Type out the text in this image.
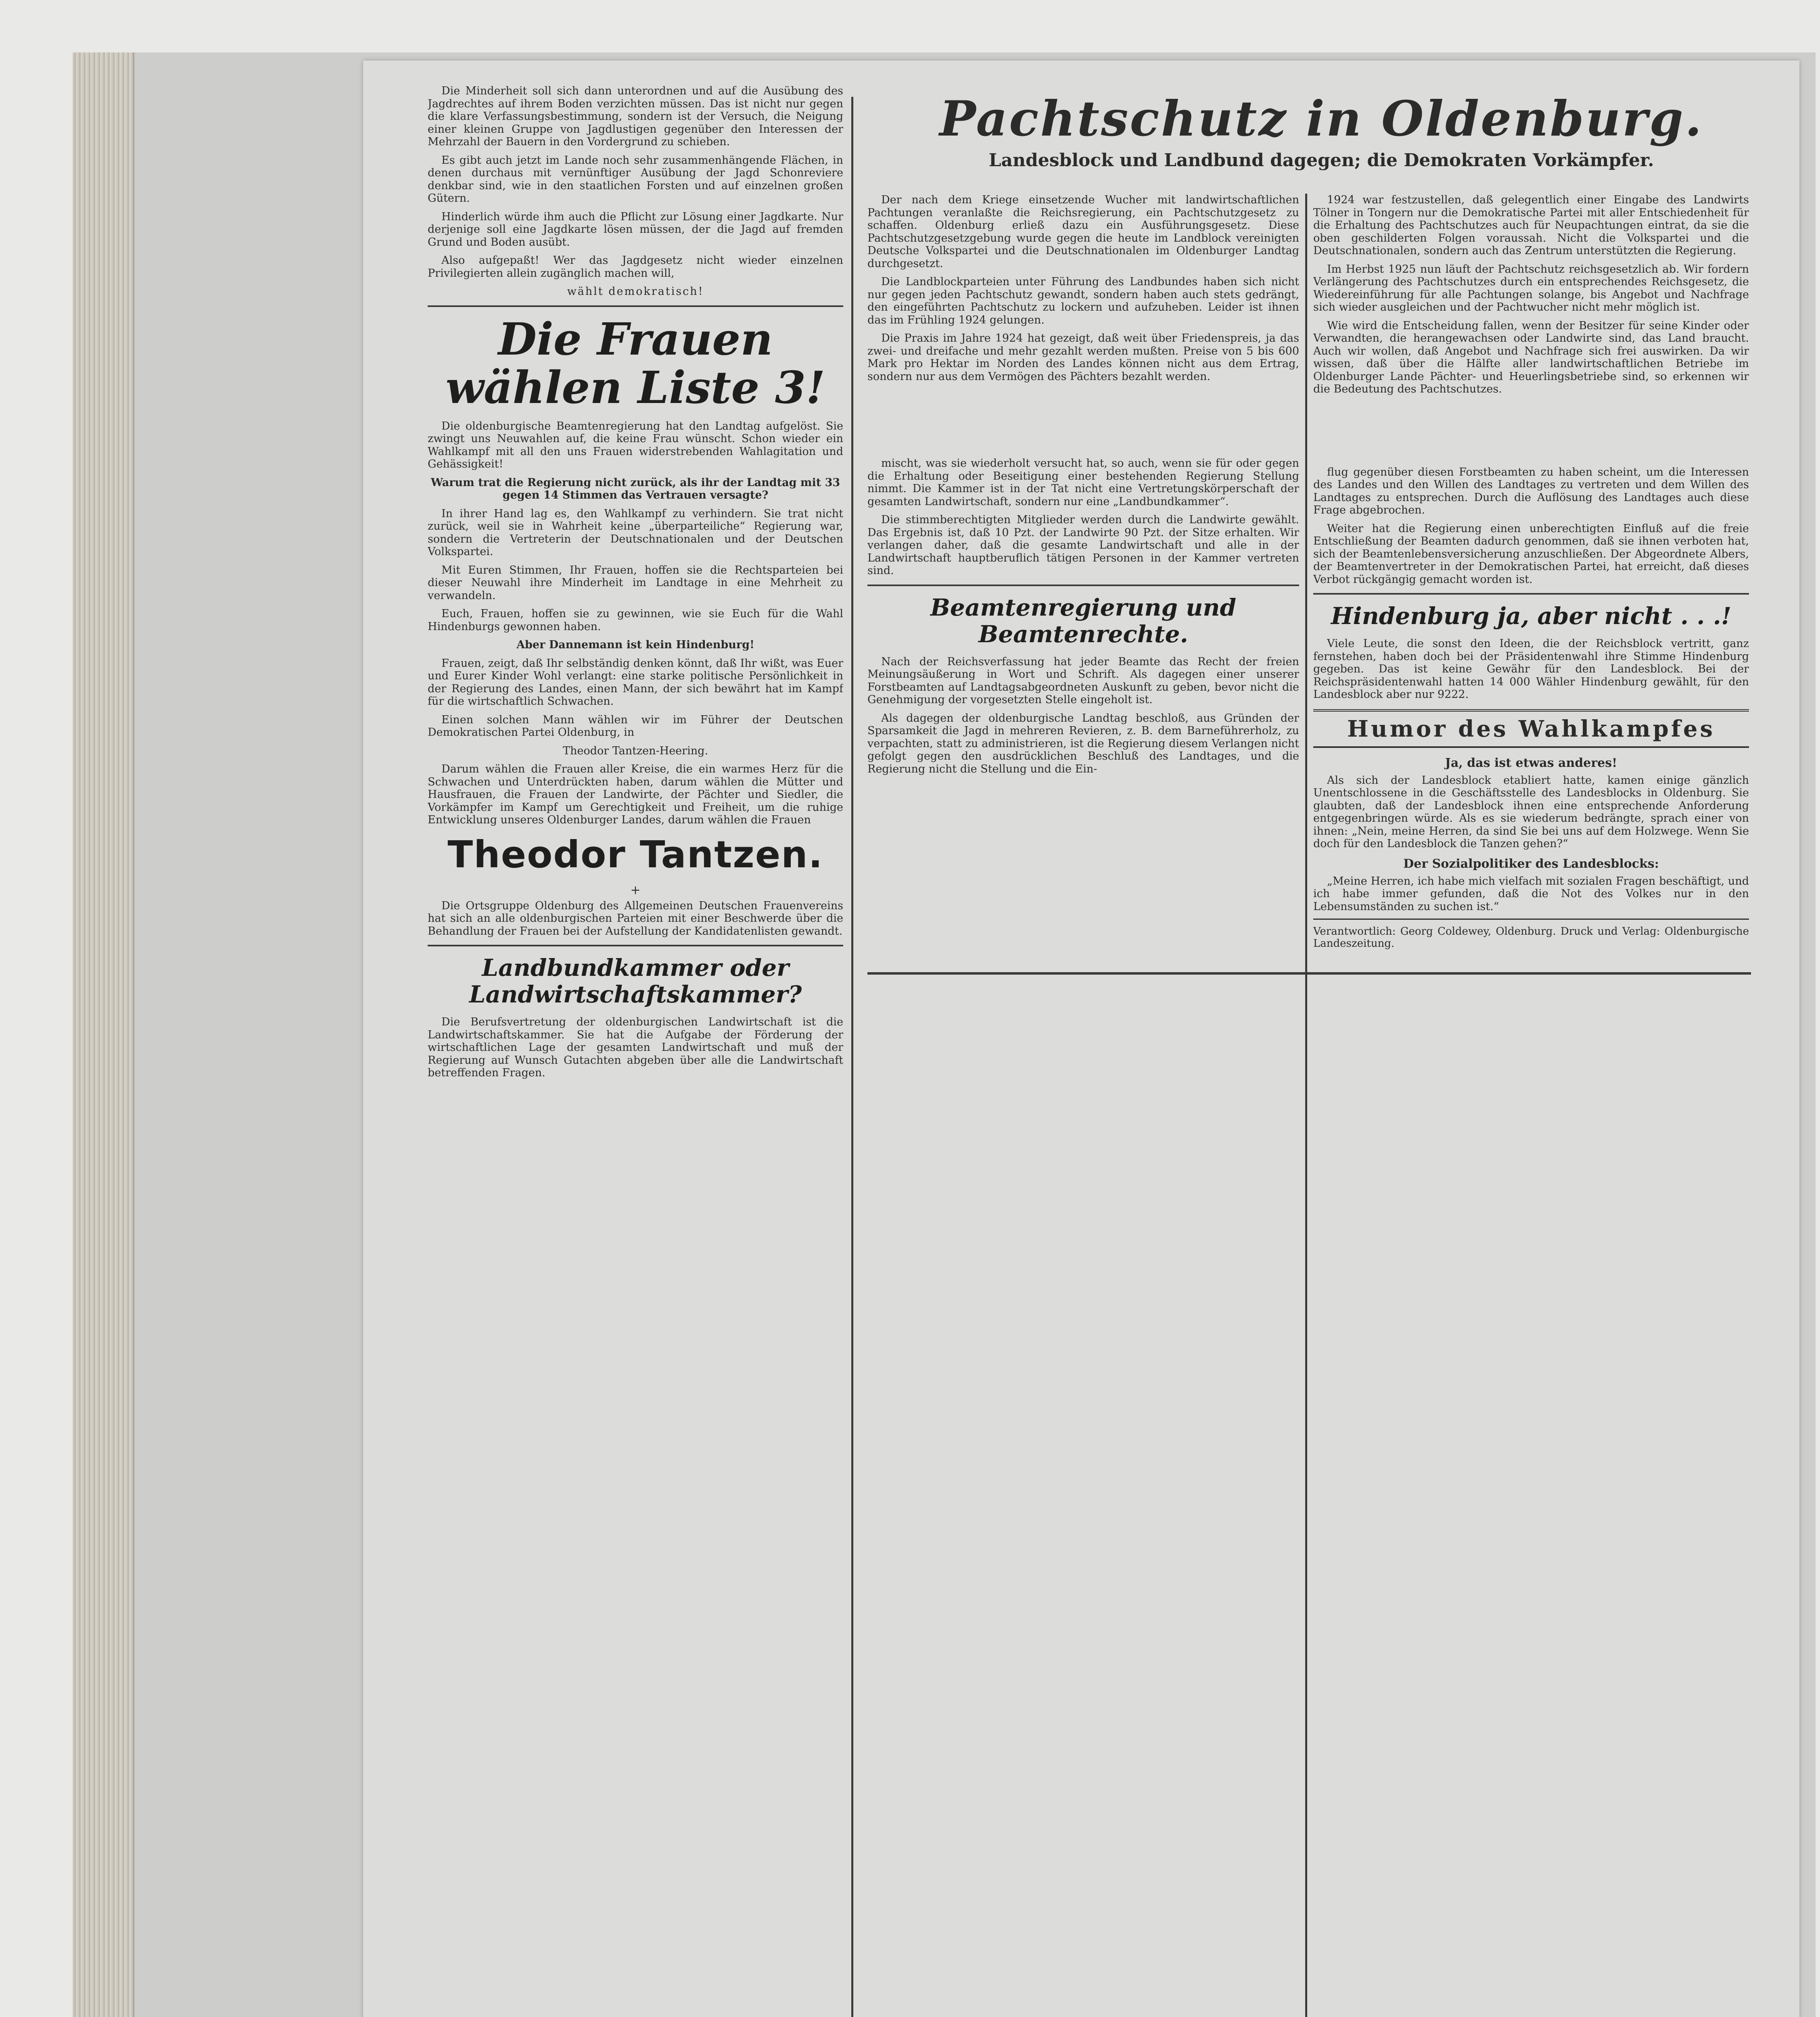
Die Minderheit soll sich dann unterordnen und auf die Ausübung des Jagdrechtes auf ihrem Boden verzichten müssen. Das ist nicht nur gegen die klare Verfassungsbestimmung, sondern ist der Versuch, die Neigung einer kleinen Gruppe von Jagdlustigen gegenüber den Interessen der Mehrzahl der Bauern in den Vordergrund zu schieben.

Es gibt auch jetzt im Lande noch sehr zusammenhängende Flächen, in denen durchaus mit vernünftiger Ausübung der Jagd Schonreviere denkbar sind, wie in den staatlichen Forsten und auf einzelnen großen Gütern.

Hinderlich würde ihm auch die Pflicht zur Lösung einer Jagdkarte. Nur derjenige soll eine Jagdkarte lösen müssen, der die Jagd auf fremden Grund und Boden ausübt.

Also aufgepaßt! Wer das Jagdgesetz nicht wieder einzelnen Privilegierten allein zugänglich machen will,

wählt demokratisch!

Die Frauen wählen Liste 3!

Die oldenburgische Beamtenregierung hat den Landtag aufgelöst. Sie zwingt uns Neuwahlen auf, die keine Frau wünscht. Schon wieder ein Wahlkampf mit all den uns Frauen widerstrebenden Wahlagitation und Gehässigkeit!

Warum trat die Regierung nicht zurück, als ihr der Landtag mit 33 gegen 14 Stimmen das Vertrauen versagte?

In ihrer Hand lag es, den Wahlkampf zu verhindern. Sie trat nicht zurück, weil sie in Wahrheit keine „überparteiliche“ Regierung war, sondern die Vertreterin der Deutschnationalen und der Deutschen Volkspartei.

Mit Euren Stimmen, Ihr Frauen, hoffen sie die Rechtsparteien bei dieser Neuwahl ihre Minderheit im Landtage in eine Mehrheit zu verwandeln.

Euch, Frauen, hoffen sie zu gewinnen, wie sie Euch für die Wahl Hindenburgs gewonnen haben.

Aber Dannemann ist kein Hindenburg!

Frauen, zeigt, daß Ihr selbständig denken könnt, daß Ihr wißt, was Euer und Eurer Kinder Wohl verlangt: eine starke politische Persönlichkeit in der Regierung des Landes, einen Mann, der sich bewährt hat im Kampf für die wirtschaftlich Schwachen.

Einen solchen Mann wählen wir im Führer der Deutschen Demokratischen Partei Oldenburg, in

Theodor Tantzen-Heering.

Darum wählen die Frauen aller Kreise, die ein warmes Herz für die Schwachen und Unterdrückten haben, darum wählen die Mütter und Hausfrauen, die Frauen der Landwirte, der Pächter und Siedler, die Vorkämpfer im Kampf um Gerechtigkeit und Freiheit, um die ruhige Entwicklung unseres Oldenburger Landes, darum wählen die Frauen

Theodor Tantzen.
+

Die Ortsgruppe Oldenburg des Allgemeinen Deutschen Frauenvereins hat sich an alle oldenburgischen Parteien mit einer Beschwerde über die Behandlung der Frauen bei der Aufstellung der Kandidatenlisten gewandt.

Landbundkammer oder Landwirtschaftskammer?

Die Berufsvertretung der oldenburgischen Landwirtschaft ist die Landwirtschaftskammer. Sie hat die Aufgabe der Förderung der wirtschaftlichen Lage der gesamten Landwirtschaft und muß der Regierung auf Wunsch Gutachten abgeben über alle die Landwirtschaft betreffenden Fragen.

Pachtschutz in Oldenburg.
Landesblock und Landbund dagegen; die Demokraten Vorkämpfer.

Der nach dem Kriege einsetzende Wucher mit landwirtschaftlichen Pachtungen veranlaßte die Reichsregierung, ein Pachtschutzgesetz zu schaffen. Oldenburg erließ dazu ein Ausführungsgesetz. Diese Pachtschutzgesetzgebung wurde gegen die heute im Landblock vereinigten Deutsche Volkspartei und die Deutschnationalen im Oldenburger Landtag durchgesetzt.

Die Landblockparteien unter Führung des Landbundes haben sich nicht nur gegen jeden Pachtschutz gewandt, sondern haben auch stets gedrängt, den eingeführten Pachtschutz zu lockern und aufzuheben. Leider ist ihnen das im Frühling 1924 gelungen.

Die Praxis im Jahre 1924 hat gezeigt, daß weit über Friedenspreis, ja das zwei- und dreifache und mehr gezahlt werden mußten. Preise von 5 bis 600 Mark pro Hektar im Norden des Landes können nicht aus dem Ertrag, sondern nur aus dem Vermögen des Pächters bezahlt werden.

mischt, was sie wiederholt versucht hat, so auch, wenn sie für oder gegen die Erhaltung oder Beseitigung einer bestehenden Regierung Stellung nimmt. Die Kammer ist in der Tat nicht eine Vertretungskörperschaft der gesamten Landwirtschaft, sondern nur eine „Landbundkammer“.

Die stimmberechtigten Mitglieder werden durch die Landwirte gewählt. Das Ergebnis ist, daß 10 Pzt. der Landwirte 90 Pzt. der Sitze erhalten. Wir verlangen daher, daß die gesamte Landwirtschaft und alle in der Landwirtschaft hauptberuflich tätigen Personen in der Kammer vertreten sind.

Beamtenregierung und Beamtenrechte.

Nach der Reichsverfassung hat jeder Beamte das Recht der freien Meinungsäußerung in Wort und Schrift. Als dagegen einer unserer Forstbeamten auf Landtagsabgeordneten Auskunft zu geben, bevor nicht die Genehmigung der vorgesetzten Stelle eingeholt ist.

Als dagegen der oldenburgische Landtag beschloß, aus Gründen der Sparsamkeit die Jagd in mehreren Revieren, z. B. dem Barneführerholz, zu verpachten, statt zu administrieren, ist die Regierung diesem Verlangen nicht gefolgt gegen den ausdrücklichen Beschluß des Landtages, und die Regierung nicht die Stellung und die Ein-

1924 war festzustellen, daß gelegentlich einer Eingabe des Landwirts Tölner in Tongern nur die Demokratische Partei mit aller Entschiedenheit für die Erhaltung des Pachtschutzes auch für Neupachtungen eintrat, da sie die oben geschilderten Folgen voraussah. Nicht die Volkspartei und die Deutschnationalen, sondern auch das Zentrum unterstützten die Regierung.

Im Herbst 1925 nun läuft der Pachtschutz reichsgesetzlich ab. Wir fordern Verlängerung des Pachtschutzes durch ein entsprechendes Reichsgesetz, die Wiedereinführung für alle Pachtungen solange, bis Angebot und Nachfrage sich wieder ausgleichen und der Pachtwucher nicht mehr möglich ist.

Wie wird die Entscheidung fallen, wenn der Besitzer für seine Kinder oder Verwandten, die herangewachsen oder Landwirte sind, das Land braucht. Auch wir wollen, daß Angebot und Nachfrage sich frei auswirken. Da wir wissen, daß über die Hälfte aller landwirtschaftlichen Betriebe im Oldenburger Lande Pächter- und Heuerlingsbetriebe sind, so erkennen wir die Bedeutung des Pachtschutzes.

flug gegenüber diesen Forstbeamten zu haben scheint, um die Interessen des Landes und den Willen des Landtages zu vertreten und dem Willen des Landtages zu entsprechen. Durch die Auflösung des Landtages auch diese Frage abgebrochen.

Weiter hat die Regierung einen unberechtigten Einfluß auf die freie Entschließung der Beamten dadurch genommen, daß sie ihnen verboten hat, sich der Beamtenlebensversicherung anzuschließen. Der Abgeordnete Albers, der Beamtenvertreter in der Demokratischen Partei, hat erreicht, daß dieses Verbot rückgängig gemacht worden ist.

Hindenburg ja, aber nicht . . .!

Viele Leute, die sonst den Ideen, die der Reichsblock vertritt, ganz fernstehen, haben doch bei der Präsidentenwahl ihre Stimme Hindenburg gegeben. Das ist keine Gewähr für den Landesblock. Bei der Reichspräsidentenwahl hatten 14 000 Wähler Hindenburg gewählt, für den Landesblock aber nur 9222.

Humor des Wahlkampfes
Ja, das ist etwas anderes!

Als sich der Landesblock etabliert hatte, kamen einige gänzlich Unentschlossene in die Geschäftsstelle des Landesblocks in Oldenburg. Sie glaubten, daß der Landesblock ihnen eine entsprechende Anforderung entgegenbringen würde. Als es sie wiederum bedrängte, sprach einer von ihnen: „Nein, meine Herren, da sind Sie bei uns auf dem Holzwege. Wenn Sie doch für den Landesblock die Tanzen gehen?“

Der Sozialpolitiker des Landesblocks:

„Meine Herren, ich habe mich vielfach mit sozialen Fragen beschäftigt, und ich habe immer gefunden, daß die Not des Volkes nur in den Lebensumständen zu suchen ist.“

Verantwortlich: Georg Coldewey, Oldenburg. Druck und Verlag: Oldenburgische Landeszeitung.
